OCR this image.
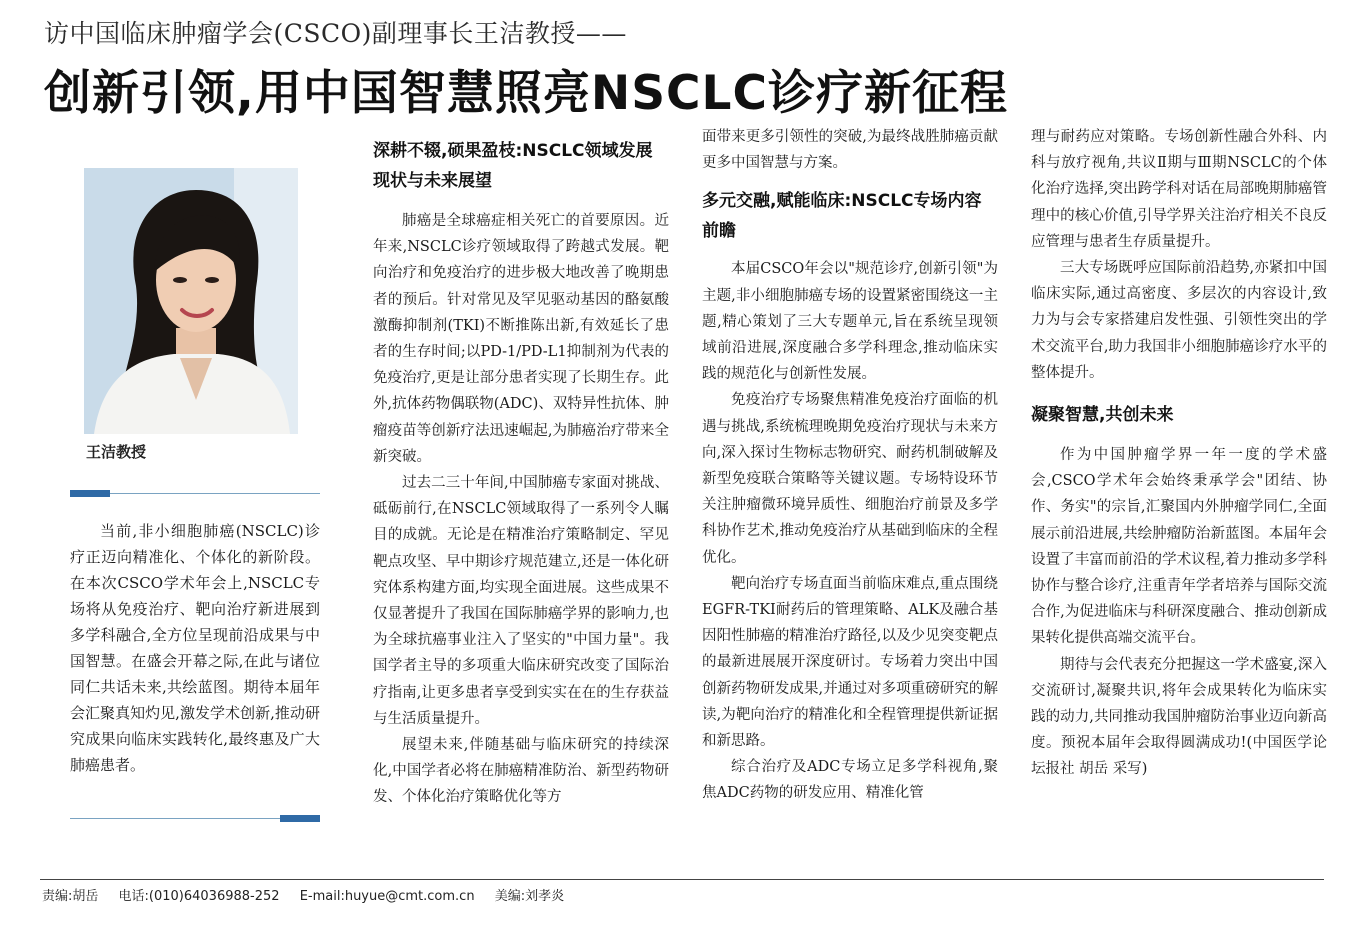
访中国临床肿瘤学会(CSCO)副理事长王洁教授——
创新引领,用中国智慧照亮NSCLC诊疗新征程
王洁教授
当前,非小细胞肺癌(NSCLC)诊疗正迈向精准化、个体化的新阶段。在本次CSCO学术年会上,NSCLC专场将从免疫治疗、靶向治疗新进展到多学科融合,全方位呈现前沿成果与中国智慧。在盛会开幕之际,在此与诸位同仁共话未来,共绘蓝图。期待本届年会汇聚真知灼见,激发学术创新,推动研究成果向临床实践转化,最终惠及广大肺癌患者。
深耕不辍,硕果盈枝:NSCLC领域发展现状与未来展望

肺癌是全球癌症相关死亡的首要原因。近年来,NSCLC诊疗领域取得了跨越式发展。靶向治疗和免疫治疗的进步极大地改善了晚期患者的预后。针对常见及罕见驱动基因的酪氨酸激酶抑制剂(TKI)不断推陈出新,有效延长了患者的生存时间;以PD-1/PD-L1抑制剂为代表的免疫治疗,更是让部分患者实现了长期生存。此外,抗体药物偶联物(ADC)、双特异性抗体、肿瘤疫苗等创新疗法迅速崛起,为肺癌治疗带来全新突破。

过去二三十年间,中国肺癌专家面对挑战、砥砺前行,在NSCLC领域取得了一系列令人瞩目的成就。无论是在精准治疗策略制定、罕见靶点攻坚、早中期诊疗规范建立,还是一体化研究体系构建方面,均实现全面进展。这些成果不仅显著提升了我国在国际肺癌学界的影响力,也为全球抗癌事业注入了坚实的"中国力量"。我国学者主导的多项重大临床研究改变了国际治疗指南,让更多患者享受到实实在在的生存获益与生活质量提升。

展望未来,伴随基础与临床研究的持续深化,中国学者必将在肺癌精准防治、新型药物研发、个体化治疗策略优化等方

面带来更多引领性的突破,为最终战胜肺癌贡献更多中国智慧与方案。

多元交融,赋能临床:NSCLC专场内容前瞻

本届CSCO年会以"规范诊疗,创新引领"为主题,非小细胞肺癌专场的设置紧密围绕这一主题,精心策划了三大专题单元,旨在系统呈现领域前沿进展,深度融合多学科理念,推动临床实践的规范化与创新性发展。

免疫治疗专场聚焦精准免疫治疗面临的机遇与挑战,系统梳理晚期免疫治疗现状与未来方向,深入探讨生物标志物研究、耐药机制破解及新型免疫联合策略等关键议题。专场特设环节关注肿瘤微环境异质性、细胞治疗前景及多学科协作艺术,推动免疫治疗从基础到临床的全程优化。

靶向治疗专场直面当前临床难点,重点围绕EGFR-TKI耐药后的管理策略、ALK及融合基因阳性肺癌的精准治疗路径,以及少见突变靶点的最新进展展开深度研讨。专场着力突出中国创新药物研发成果,并通过对多项重磅研究的解读,为靶向治疗的精准化和全程管理提供新证据和新思路。

综合治疗及ADC专场立足多学科视角,聚焦ADC药物的研发应用、精准化管

理与耐药应对策略。专场创新性融合外科、内科与放疗视角,共议Ⅱ期与Ⅲ期NSCLC的个体化治疗选择,突出跨学科对话在局部晚期肺癌管理中的核心价值,引导学界关注治疗相关不良反应管理与患者生存质量提升。

三大专场既呼应国际前沿趋势,亦紧扣中国临床实际,通过高密度、多层次的内容设计,致力为与会专家搭建启发性强、引领性突出的学术交流平台,助力我国非小细胞肺癌诊疗水平的整体提升。

凝聚智慧,共创未来

作为中国肿瘤学界一年一度的学术盛会,CSCO学术年会始终秉承学会"团结、协作、务实"的宗旨,汇聚国内外肿瘤学同仁,全面展示前沿进展,共绘肿瘤防治新蓝图。本届年会设置了丰富而前沿的学术议程,着力推动多学科协作与整合诊疗,注重青年学者培养与国际交流合作,为促进临床与科研深度融合、推动创新成果转化提供高端交流平台。

期待与会代表充分把握这一学术盛宴,深入交流研讨,凝聚共识,将年会成果转化为临床实践的动力,共同推动我国肿瘤防治事业迈向新高度。预祝本届年会取得圆满成功!(中国医学论坛报社 胡岳 采写)

责编:胡岳 电话:(010)64036988-252 E-mail:huyue@cmt.com.cn 美编:刘孝炎
